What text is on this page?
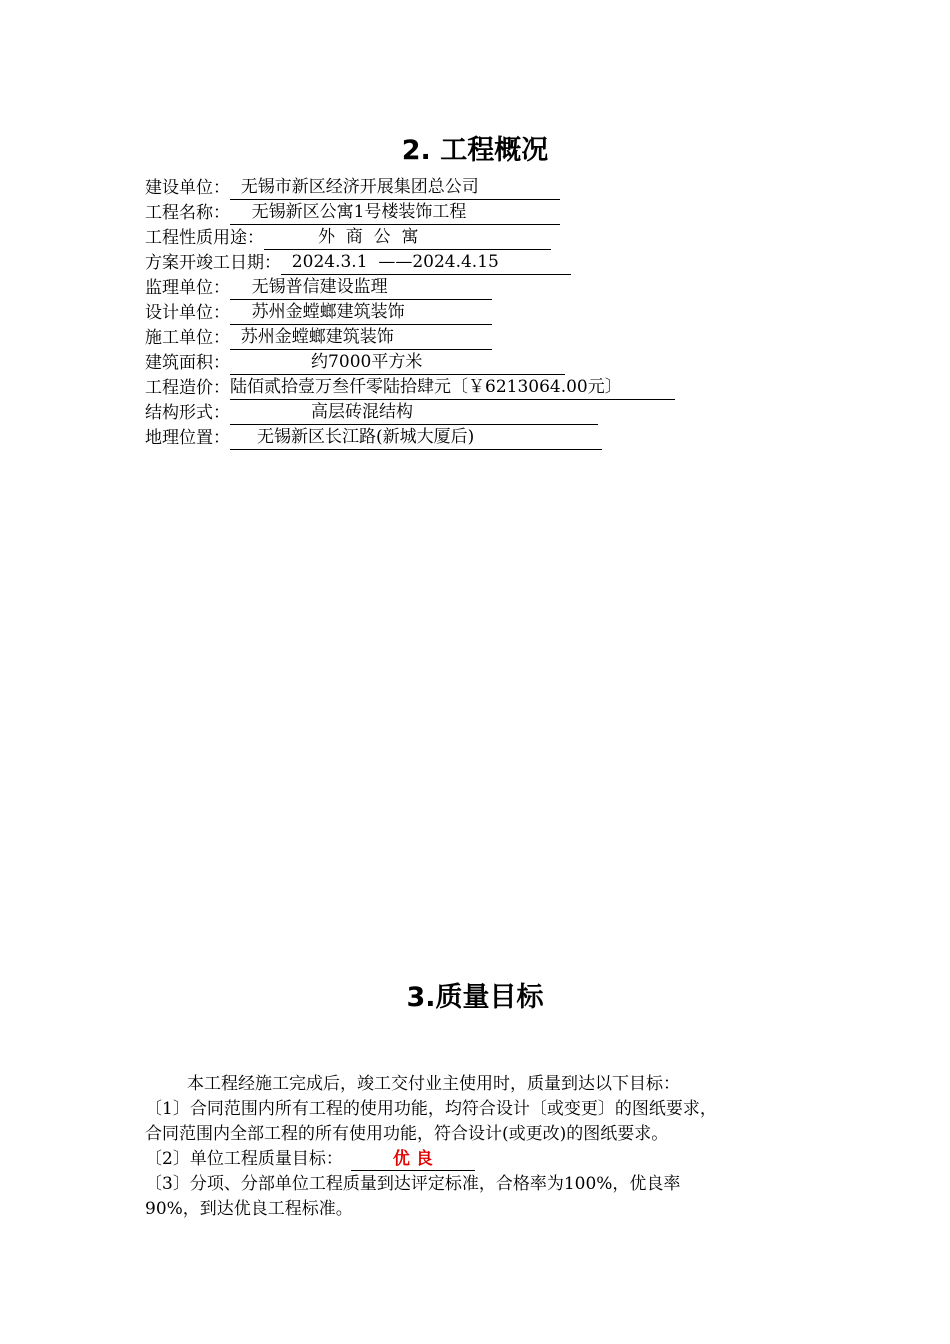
2. 工程概况
建设单位：  无锡市新区经济开展集团总公司
工程名称：    无锡新区公寓1号楼装饰工程
工程性质用途：          外  商  公  寓
方案开竣工日期：  2024.3.1  ——2024.4.15
监理单位：    无锡普信建设监理
设计单位：    苏州金螳螂建筑装饰
施工单位：  苏州金螳螂建筑装饰
建筑面积：               约7000平方米
工程造价：陆佰贰拾壹万叁仟零陆拾肆元〔￥6213064.00元〕
结构形式：               高层砖混结构
地理位置：     无锡新区长江路(新城大厦后)
3.质量目标
本工程经施工完成后，竣工交付业主使用时，质量到达以下目标：
〔1〕合同范围内所有工程的使用功能，均符合设计〔或变更〕的图纸要求，
合同范围内全部工程的所有使用功能，符合设计(或更改)的图纸要求。
〔2〕单位工程质量目标：	优 良
〔3〕分项、分部单位工程质量到达评定标准，合格率为100%，优良率
90%，到达优良工程标准。
